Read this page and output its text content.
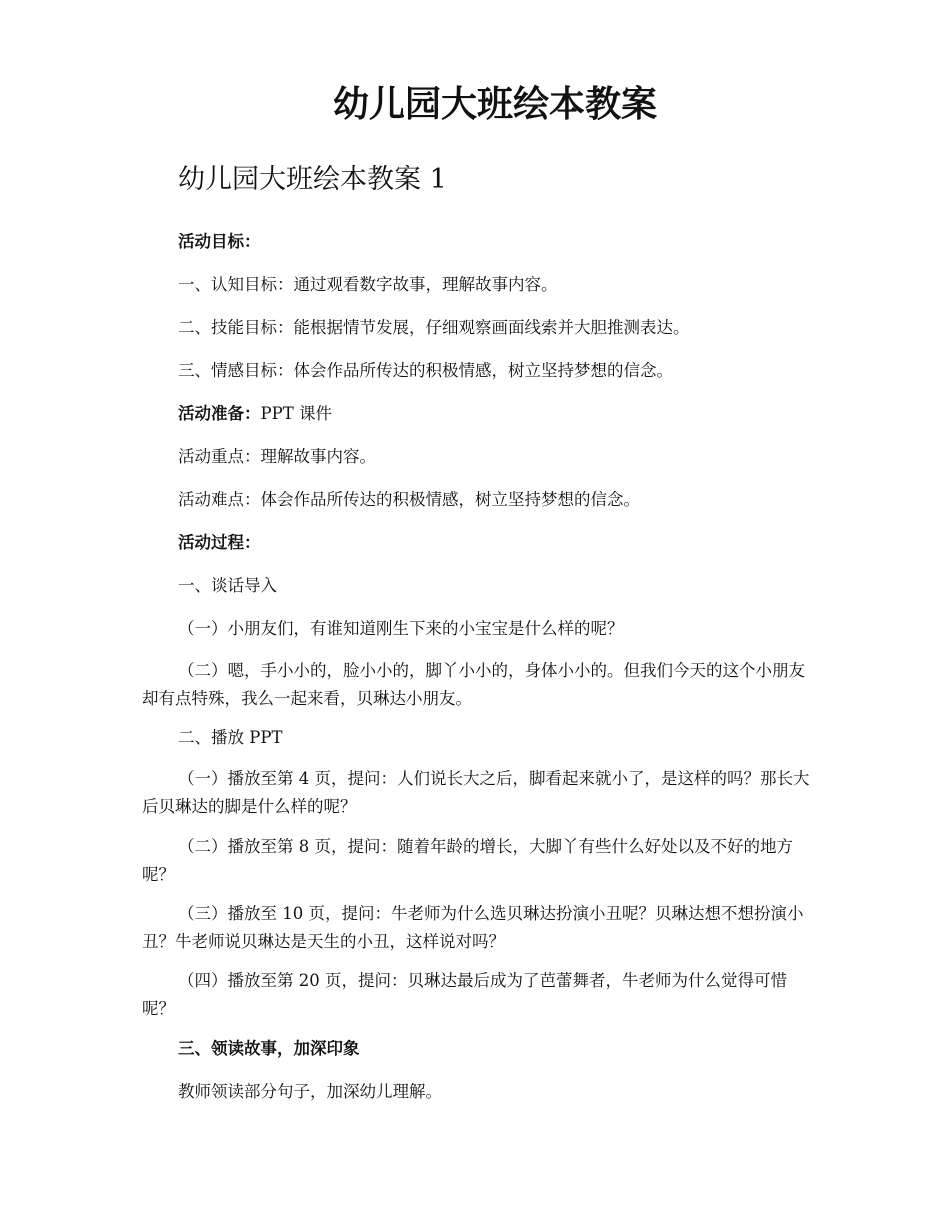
幼儿园大班绘本教案
幼儿园大班绘本教案 1

活动目标：

一、认知目标：通过观看数字故事，理解故事内容。

二、技能目标：能根据情节发展，仔细观察画面线索并大胆推测表达。

三、情感目标：体会作品所传达的积极情感，树立坚持梦想的信念。

活动准备：PPT 课件

活动重点：理解故事内容。

活动难点：体会作品所传达的积极情感，树立坚持梦想的信念。

活动过程：

一、谈话导入

（一）小朋友们，有谁知道刚生下来的小宝宝是什么样的呢？

（二）嗯，手小小的，脸小小的，脚丫小小的，身体小小的。但我们今天的这个小朋友却有点特殊，我么一起来看，贝琳达小朋友。

二、播放 PPT

（一）播放至第 4 页，提问：人们说长大之后，脚看起来就小了，是这样的吗？那长大后贝琳达的脚是什么样的呢？

（二）播放至第 8 页，提问：随着年龄的增长，大脚丫有些什么好处以及不好的地方呢？

（三）播放至 10 页，提问：牛老师为什么选贝琳达扮演小丑呢？贝琳达想不想扮演小丑？牛老师说贝琳达是天生的小丑，这样说对吗？

（四）播放至第 20 页，提问：贝琳达最后成为了芭蕾舞者，牛老师为什么觉得可惜呢？

三、领读故事，加深印象

教师领读部分句子，加深幼儿理解。
